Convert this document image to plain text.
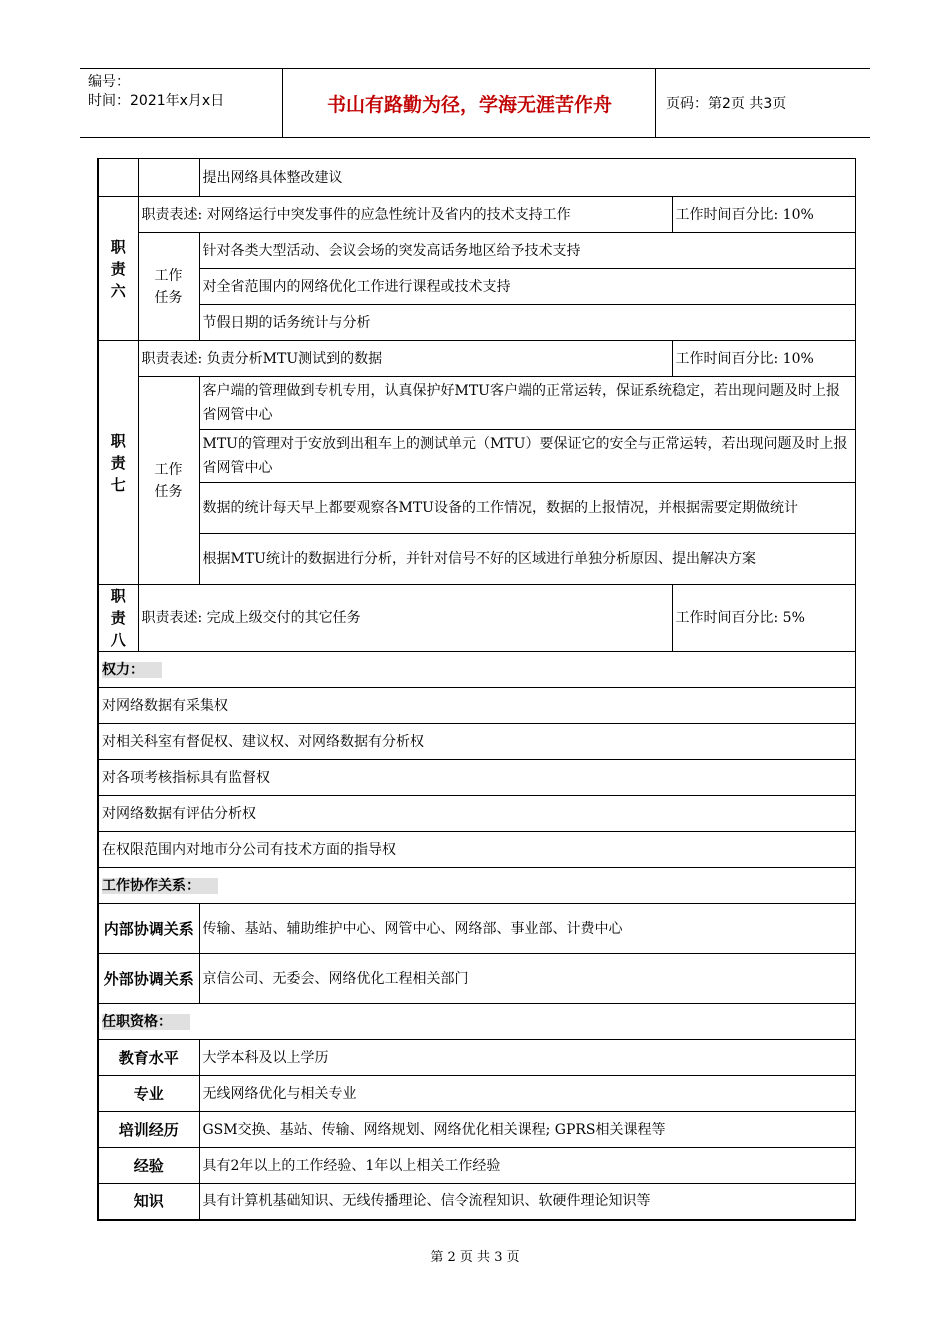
编号：
时间：2021年x月x日	书山有路勤为径，学海无涯苦作舟	页码：第2页 共3页
		提出网络具体整改建议	
职责六	职责表述: 对网络运行中突发事件的应急性统计及省内的技术支持工作		工作时间百分比: 10%
	工作任务	针对各类大型活动、会议会场的突发高话务地区给予技术支持	
		对全省范围内的网络优化工作进行课程或技术支持	
		节假日期的话务统计与分析	
职责七	职责表述: 负责分析MTU测试到的数据		工作时间百分比: 10%
	工作任务	客户端的管理做到专机专用，认真保护好MTU客户端的正常运转，保证系统稳定，若出现问题及时上报省网管中心	
		MTU的管理对于安放到出租车上的测试单元（MTU）要保证它的安全与正常运转，若出现问题及时上报省网管中心	
		数据的统计每天早上都要观察各MTU设备的工作情况，数据的上报情况，并根据需要定期做统计	
		根据MTU统计的数据进行分析，并针对信号不好的区域进行单独分析原因、提出解决方案	
职责八	职责表述: 完成上级交付的其它任务		工作时间百分比: 5%
权力：			
对网络数据有采集权			
对相关科室有督促权、建议权、对网络数据有分析权			
对各项考核指标具有监督权			
对网络数据有评估分析权			
在权限范围内对地市分公司有技术方面的指导权			
工作协作关系：			
内部协调关系		传输、基站、辅助维护中心、网管中心、网络部、事业部、计费中心	
外部协调关系		京信公司、无委会、网络优化工程相关部门	
任职资格：			
教育水平		大学本科及以上学历	
专业		无线网络优化与相关专业	
培训经历		GSM交换、基站、传输、网络规划、网络优化相关课程; GPRS相关课程等	
经验		具有2年以上的工作经验、1年以上相关工作经验	
知识		具有计算机基础知识、无线传播理论、信令流程知识、软硬件理论知识等	
第 2 页 共 3 页
